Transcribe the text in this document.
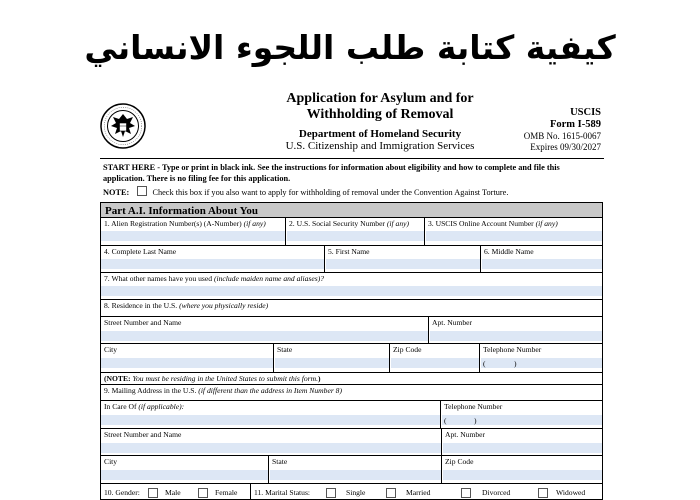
كيفية كتابة طلب اللجوء الانساني
Application for Asylum and for
Withholding of Removal
Department of Homeland Security
U.S. Citizenship and Immigration Services
USCIS
Form I-589
OMB No. 1615-0067
Expires 09/30/2027
START HERE - Type or print in black ink. See the instructions for information about eligibility and how to complete and file this
application. There is no filing fee for this application.
NOTE:	Check this box if you also want to apply for withholding of removal under the Convention Against Torture.
Part A.I. Information About You
1. Alien Registration Number(s) (A-Number) (if any)	2. U.S. Social Security Number (if any)	3. USCIS Online Account Number (if any)
4. Complete Last Name	5. First Name	6. Middle Name
7. What other names have you used (include maiden name and aliases)?
8. Residence in the U.S. (where you physically reside)
Street Number and Name	Apt. Number
City	State	Zip Code	Telephone Number
(	)
(NOTE: You must be residing in the United States to submit this form.)
9. Mailing Address in the U.S. (if different than the address in Item Number 8)
In Care Of (if applicable):	Telephone Number
(	)
Street Number and Name	Apt. Number
City	State	Zip Code
10. Gender:	11. Marital Status:
Male	Female	Single	Married	Divorced	Widowed
